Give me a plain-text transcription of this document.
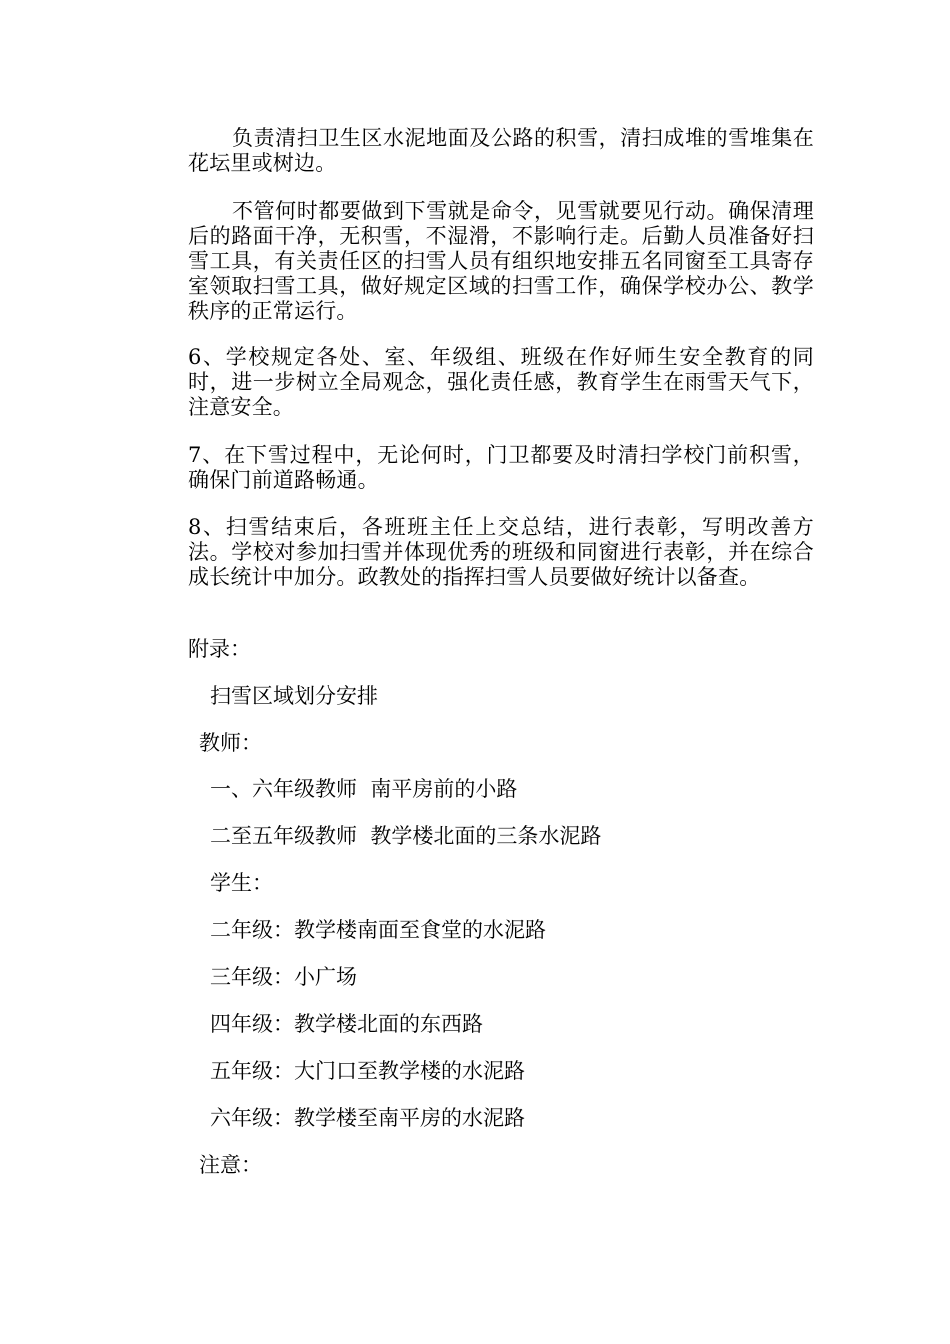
负责清扫卫生区水泥地面及公路的积雪，清扫成堆的雪堆集在花坛里或树边。

不管何时都要做到下雪就是命令，见雪就要见行动。确保清理后的路面干净，无积雪，不湿滑，不影响行走。后勤人员准备好扫雪工具，有关责任区的扫雪人员有组织地安排五名同窗至工具寄存室领取扫雪工具，做好规定区域的扫雪工作，确保学校办公、教学秩序的正常运行。

6、学校规定各处、室、年级组、班级在作好师生安全教育的同时，进一步树立全局观念，强化责任感，教育学生在雨雪天气下，注意安全。

7、在下雪过程中，无论何时，门卫都要及时清扫学校门前积雪，确保门前道路畅通。

8、扫雪结束后，各班班主任上交总结，进行表彰，写明改善方法。学校对参加扫雪并体现优秀的班级和同窗进行表彰，并在综合成长统计中加分。政教处的指挥扫雪人员要做好统计以备查。

附录：

扫雪区域划分安排

教师：

一、六年级教师  南平房前的小路

二至五年级教师  教学楼北面的三条水泥路

学生：

二年级：教学楼南面至食堂的水泥路

三年级：小广场

四年级：教学楼北面的东西路

五年级：大门口至教学楼的水泥路

六年级：教学楼至南平房的水泥路

注意：
